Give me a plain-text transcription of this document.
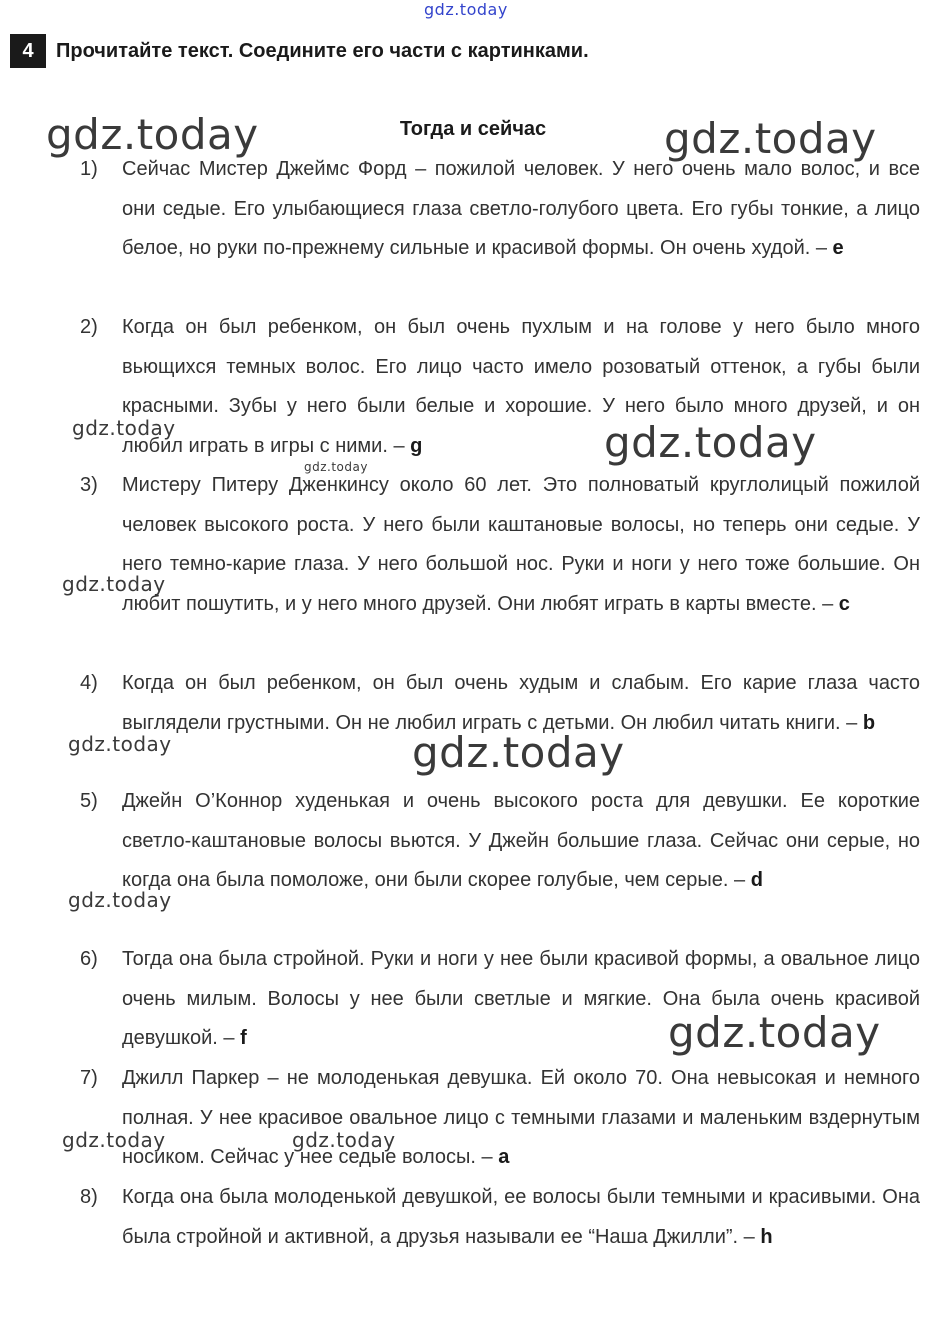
gdz.today
4	Прочитайте текст. Соедините его части с картинками.
Тогда и сейчас
1) Сейчас Мистер Джеймс Форд – пожилой человек. У него очень мало волос, и все они седые. Его улыбающиеся глаза светло-голубого цвета. Его губы тонкие, а лицо белое, но руки по-прежнему сильные и красивой формы. Он очень худой. – e
2) Когда он был ребенком, он был очень пухлым и на голове у него было много вьющихся темных волос. Его лицо часто имело розоватый оттенок, а губы были красными. Зубы у него были белые и хорошие. У него было много друзей, и он любил играть в игры с ними. – g
3) Мистеру Питеру Дженкинсу около 60 лет. Это полноватый круглолицый пожилой человек высокого роста. У него были каштановые волосы, но теперь они седые. У него темно-карие глаза. У него большой нос. Руки и ноги у него тоже большие. Он любит пошутить, и у него много друзей. Они любят играть в карты вместе. – c
4) Когда он был ребенком, он был очень худым и слабым. Его карие глаза часто выглядели грустными. Он не любил играть с детьми. Он любил читать книги. – b
5) Джейн О’Коннор худенькая и очень высокого роста для девушки. Ее короткие светло-каштановые волосы вьются. У Джейн большие глаза. Сейчас они серые, но когда она была помоложе, они были скорее голубые, чем серые. – d
6) Тогда она была стройной. Руки и ноги у нее были красивой формы, а овальное лицо очень милым. Волосы у нее были светлые и мягкие. Она была очень красивой девушкой. – f
7) Джилл Паркер – не молоденькая девушка. Ей около 70. Она невысокая и немного полная. У нее красивое овальное лицо с темными глазами и маленьким вздернутым носиком. Сейчас у нее седые волосы. – a
8) Когда она была молоденькой девушкой, ее волосы были темными и красивыми. Она была стройной и активной, а друзья называли ее “Наша Джилли”. – h
gdz.today	gdz.today
gdz.today	gdz.today
gdz.today
gdz.today
gdz.today	gdz.today
gdz.today
gdz.today
gdz.today	gdz.today
